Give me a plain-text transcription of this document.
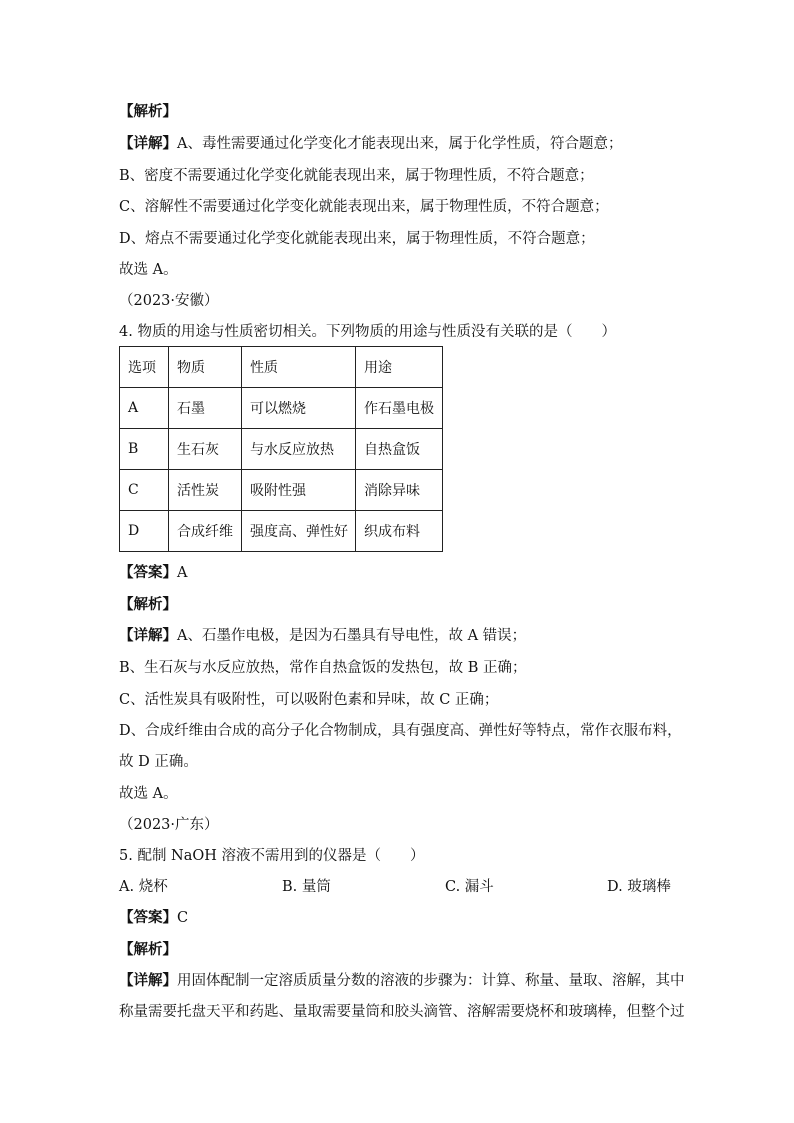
【解析】
【详解】A、毒性需要通过化学变化才能表现出来，属于化学性质，符合题意；
B、密度不需要通过化学变化就能表现出来，属于物理性质，不符合题意；
C、溶解性不需要通过化学变化就能表现出来，属于物理性质，不符合题意；
D、熔点不需要通过化学变化就能表现出来，属于物理性质，不符合题意；
故选 A。
（2023·安徽）
4. 物质的用途与性质密切相关。下列物质的用途与性质没有关联的是（　　）
选项	物质	性质	用途
A	石墨	可以燃烧	作石墨电极
B	生石灰	与水反应放热	自热盒饭
C	活性炭	吸附性强	消除异味
D	合成纤维	强度高、弹性好	织成布料
【答案】A
【解析】
【详解】A、石墨作电极，是因为石墨具有导电性，故 A 错误；
B、生石灰与水反应放热，常作自热盒饭的发热包，故 B 正确；
C、活性炭具有吸附性，可以吸附色素和异味，故 C 正确；
D、合成纤维由合成的高分子化合物制成，具有强度高、弹性好等特点，常作衣服布料，
故 D 正确。
故选 A。
（2023·广东）
5. 配制 NaOH 溶液不需用到的仪器是（　　）
A. 烧杯	B. 量筒	C. 漏斗	D. 玻璃棒
【答案】C
【解析】
【详解】用固体配制一定溶质质量分数的溶液的步骤为：计算、称量、量取、溶解，其中
称量需要托盘天平和药匙、量取需要量筒和胶头滴管、溶解需要烧杯和玻璃棒，但整个过
